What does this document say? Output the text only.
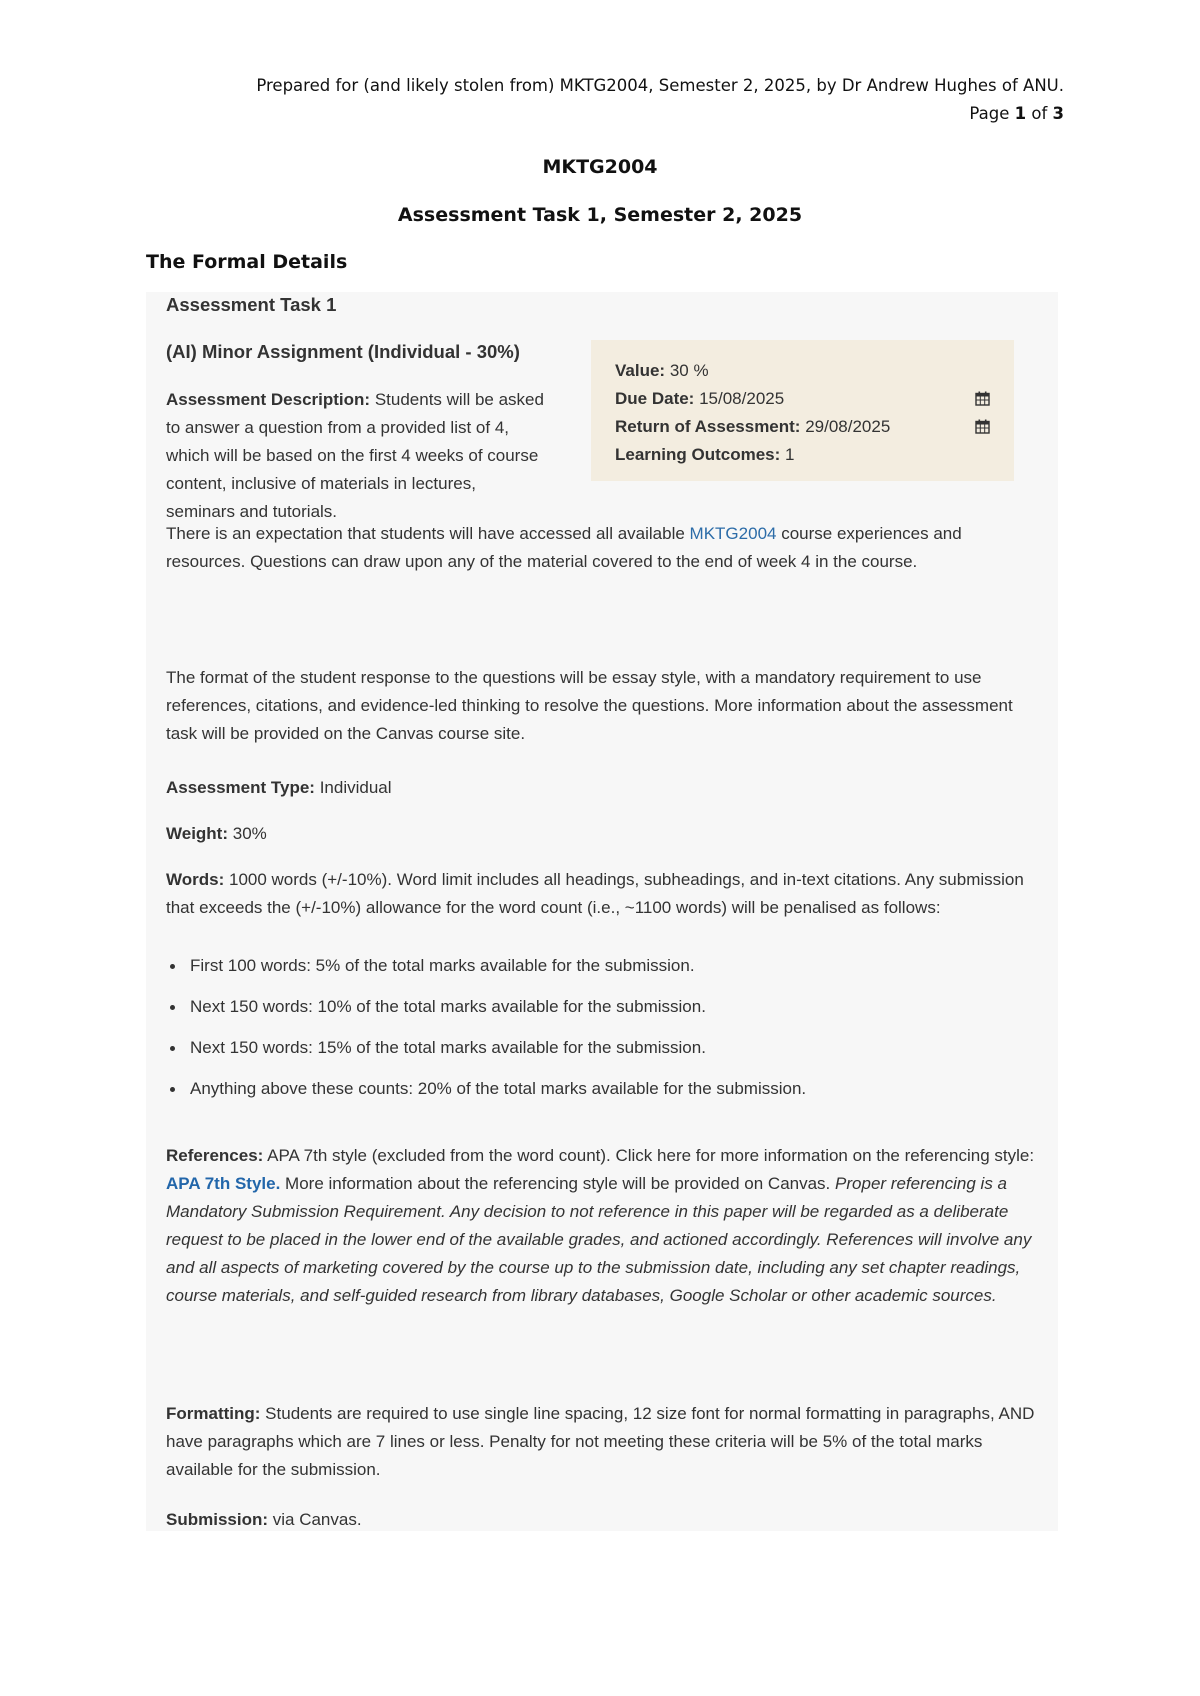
Prepared for (and likely stolen from) MKTG2004, Semester 2, 2025, by Dr Andrew Hughes of ANU.
Page 1 of 3
MKTG2004
Assessment Task 1, Semester 2, 2025
The Formal Details
Assessment Task 1
(AI) Minor Assignment (Individual - 30%)
Value: 30 %
Due Date: 15/08/2025
Return of Assessment: 29/08/2025
Learning Outcomes: 1
Assessment Description: Students will be asked to answer a question from a provided list of 4, which will be based on the first 4 weeks of course content, inclusive of materials in lectures, seminars and tutorials.
There is an expectation that students will have accessed all available MKTG2004 course experiences and resources. Questions can draw upon any of the material covered to the end of week 4 in the course.
The format of the student response to the questions will be essay style, with a mandatory requirement to use references, citations, and evidence-led thinking to resolve the questions. More information about the assessment task will be provided on the Canvas course site.
Assessment Type: Individual
Weight: 30%
Words: 1000 words (+/-10%). Word limit includes all headings, subheadings, and in-text citations. Any submission that exceeds the (+/-10%) allowance for the word count (i.e., ~1100 words) will be penalised as follows:
First 100 words: 5% of the total marks available for the submission.
Next 150 words: 10% of the total marks available for the submission.
Next 150 words: 15% of the total marks available for the submission.
Anything above these counts: 20% of the total marks available for the submission.
References: APA 7th style (excluded from the word count). Click here for more information on the referencing style: APA 7th Style. More information about the referencing style will be provided on Canvas. Proper referencing is a Mandatory Submission Requirement. Any decision to not reference in this paper will be regarded as a deliberate request to be placed in the lower end of the available grades, and actioned accordingly. References will involve any and all aspects of marketing covered by the course up to the submission date, including any set chapter readings, course materials, and self-guided research from library databases, Google Scholar or other academic sources.
Formatting: Students are required to use single line spacing, 12 size font for normal formatting in paragraphs, AND have paragraphs which are 7 lines or less. Penalty for not meeting these criteria will be 5% of the total marks available for the submission.
Submission: via Canvas.
